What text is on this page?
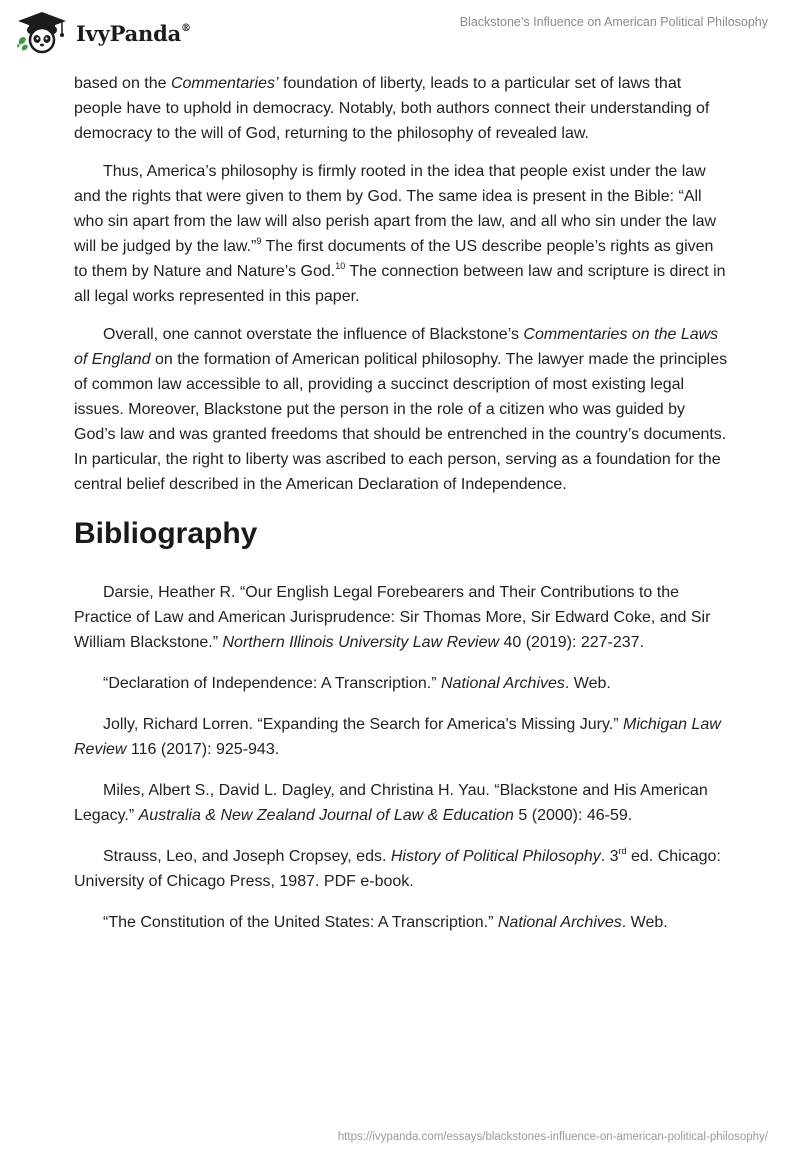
IvyPanda®	Blackstone’s Influence on American Political Philosophy

based on the Commentaries’ foundation of liberty, leads to a particular set of laws that people have to uphold in democracy. Notably, both authors connect their understanding of democracy to the will of God, returning to the philosophy of revealed law.

Thus, America’s philosophy is firmly rooted in the idea that people exist under the law and the rights that were given to them by God. The same idea is present in the Bible: “All who sin apart from the law will also perish apart from the law, and all who sin under the law will be judged by the law.”$^9$ The first documents of the US describe people’s rights as given to them by Nature and Nature’s God.$^{10}$ The connection between law and scripture is direct in all legal works represented in this paper.

Overall, one cannot overstate the influence of Blackstone’s Commentaries on the Laws of England on the formation of American political philosophy. The lawyer made the principles of common law accessible to all, providing a succinct description of most existing legal issues. Moreover, Blackstone put the person in the role of a citizen who was guided by God’s law and was granted freedoms that should be entrenched in the country’s documents. In particular, the right to liberty was ascribed to each person, serving as a foundation for the central belief described in the American Declaration of Independence.

Bibliography

Darsie, Heather R. “Our English Legal Forebearers and Their Contributions to the Practice of Law and American Jurisprudence: Sir Thomas More, Sir Edward Coke, and Sir William Blackstone.” Northern Illinois University Law Review 40 (2019): 227-237.

“Declaration of Independence: A Transcription.” National Archives. Web.

Jolly, Richard Lorren. “Expanding the Search for America's Missing Jury.” Michigan Law Review 116 (2017): 925-943.

Miles, Albert S., David L. Dagley, and Christina H. Yau. “Blackstone and His American Legacy.” Australia & New Zealand Journal of Law & Education 5 (2000): 46-59.

Strauss, Leo, and Joseph Cropsey, eds. History of Political Philosophy. 3rd ed. Chicago: University of Chicago Press, 1987. PDF e-book.

“The Constitution of the United States: A Transcription.” National Archives. Web.

https://ivypanda.com/essays/blackstones-influence-on-american-political-philosophy/
